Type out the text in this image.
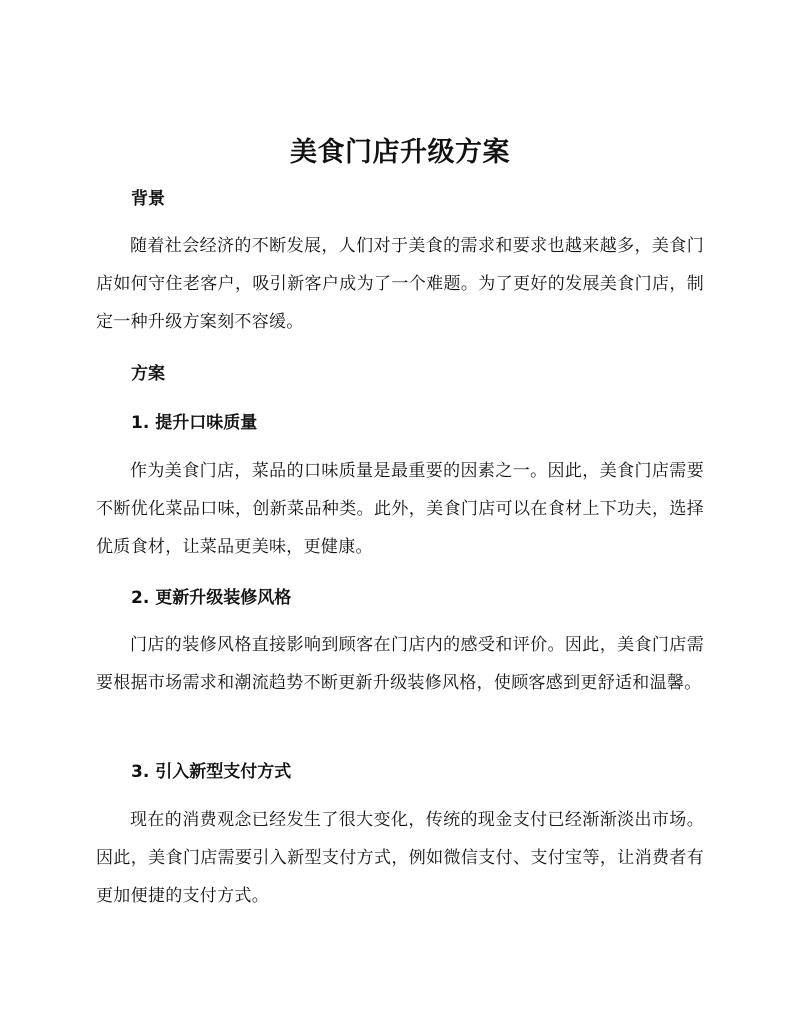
美食门店升级方案
背景
随着社会经济的不断发展，人们对于美食的需求和要求也越来越多，美食门店如何守住老客户，吸引新客户成为了一个难题。为了更好的发展美食门店，制定一种升级方案刻不容缓。
方案
1. 提升口味质量
作为美食门店，菜品的口味质量是最重要的因素之一。因此，美食门店需要不断优化菜品口味，创新菜品种类。此外，美食门店可以在食材上下功夫，选择优质食材，让菜品更美味，更健康。
2. 更新升级装修风格
门店的装修风格直接影响到顾客在门店内的感受和评价。因此，美食门店需要根据市场需求和潮流趋势不断更新升级装修风格，使顾客感到更舒适和温馨。
3. 引入新型支付方式
现在的消费观念已经发生了很大变化，传统的现金支付已经渐渐淡出市场。因此，美食门店需要引入新型支付方式，例如微信支付、支付宝等，让消费者有更加便捷的支付方式。
